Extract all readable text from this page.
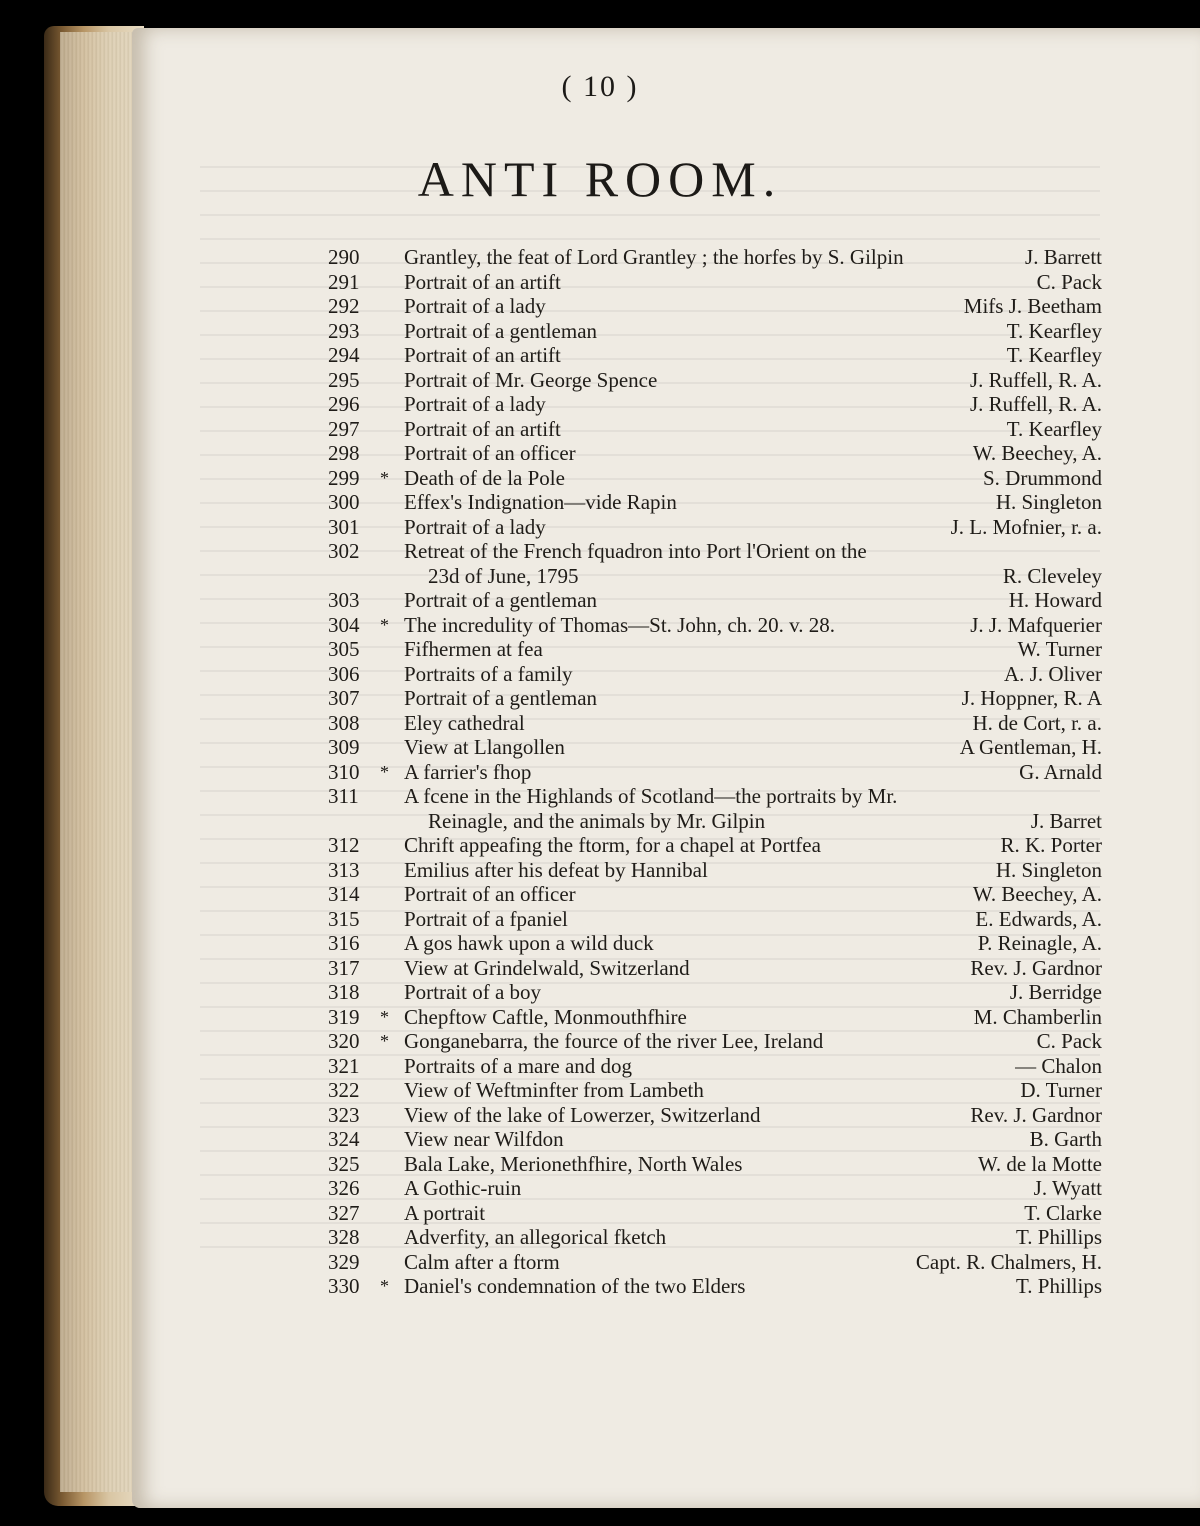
( 10 )
ANTI ROOM.
290	Grantley, the feat of Lord Grantley ; the horfes by S. Gilpin	J. Barrett
291	Portrait of an artift	C. Pack
292	Portrait of a lady	Mifs J. Beetham
293	Portrait of a gentleman	T. Kearfley
294	Portrait of an artift	T. Kearfley
295	Portrait of Mr. George Spence	J. Ruffell, R. A.
296	Portrait of a lady	J. Ruffell, R. A.
297	Portrait of an artift	T. Kearfley
298	Portrait of an officer	W. Beechey, A.
299	* Death of de la Pole	S. Drummond
300	Effex's Indignation—vide Rapin	H. Singleton
301	Portrait of a lady	J. L. Mofnier, r. a.
302	Retreat of the French fquadron into Port l'Orient on the
23d of June, 1795	R. Cleveley
303	Portrait of a gentleman	H. Howard
304	* The incredulity of Thomas—St. John, ch. 20. v. 28.	J. J. Mafquerier
305	Fifhermen at fea	W. Turner
306	Portraits of a family	A. J. Oliver
307	Portrait of a gentleman	J. Hoppner, R. A
308	Eley cathedral	H. de Cort, r. a.
309	View at Llangollen	A Gentleman, H.
310	* A farrier's fhop	G. Arnald
311	A fcene in the Highlands of Scotland—the portraits by Mr.
Reinagle, and the animals by Mr. Gilpin	J. Barret
312	Chrift appeafing the ftorm, for a chapel at Portfea	R. K. Porter
313	Emilius after his defeat by Hannibal	H. Singleton
314	Portrait of an officer	W. Beechey, A.
315	Portrait of a fpaniel	E. Edwards, A.
316	A gos hawk upon a wild duck	P. Reinagle, A.
317	View at Grindelwald, Switzerland	Rev. J. Gardnor
318	Portrait of a boy	J. Berridge
319	* Chepftow Caftle, Monmouthfhire	M. Chamberlin
320	* Gonganebarra, the fource of the river Lee, Ireland	C. Pack
321	Portraits of a mare and dog	— Chalon
322	View of Weftminfter from Lambeth	D. Turner
323	View of the lake of Lowerzer, Switzerland	Rev. J. Gardnor
324	View near Wilfdon	B. Garth
325	Bala Lake, Merionethfhire, North Wales	W. de la Motte
326	A Gothic-ruin	J. Wyatt
327	A portrait	T. Clarke
328	Adverfity, an allegorical fketch	T. Phillips
329	Calm after a ftorm	Capt. R. Chalmers, H.
330	* Daniel's condemnation of the two Elders	T. Phillips
